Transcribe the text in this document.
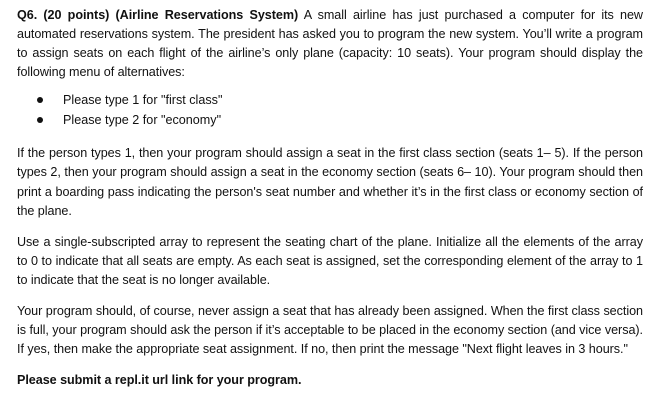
Q6. (20 points) (Airline Reservations System) A small airline has just purchased a computer for its new automated reservations system. The president has asked you to program the new system. You’ll write a program to assign seats on each flight of the airline’s only plane (capacity: 10 seats). Your program should display the following menu of alternatives:

Please type 1 for "first class"
Please type 2 for "economy"

If the person types 1, then your program should assign a seat in the first class section (seats 1– 5). If the person types 2, then your program should assign a seat in the economy section (seats 6– 10). Your program should then print a boarding pass indicating the person's seat number and whether it’s in the first class or economy section of the plane.

Use a single-subscripted array to represent the seating chart of the plane. Initialize all the elements of the array to 0 to indicate that all seats are empty. As each seat is assigned, set the corresponding element of the array to 1 to indicate that the seat is no longer available.

Your program should, of course, never assign a seat that has already been assigned. When the first class section is full, your program should ask the person if it’s acceptable to be placed in the economy section (and vice versa). If yes, then make the appropriate seat assignment. If no, then print the message "Next flight leaves in 3 hours."

Please submit a repl.it url link for your program.
